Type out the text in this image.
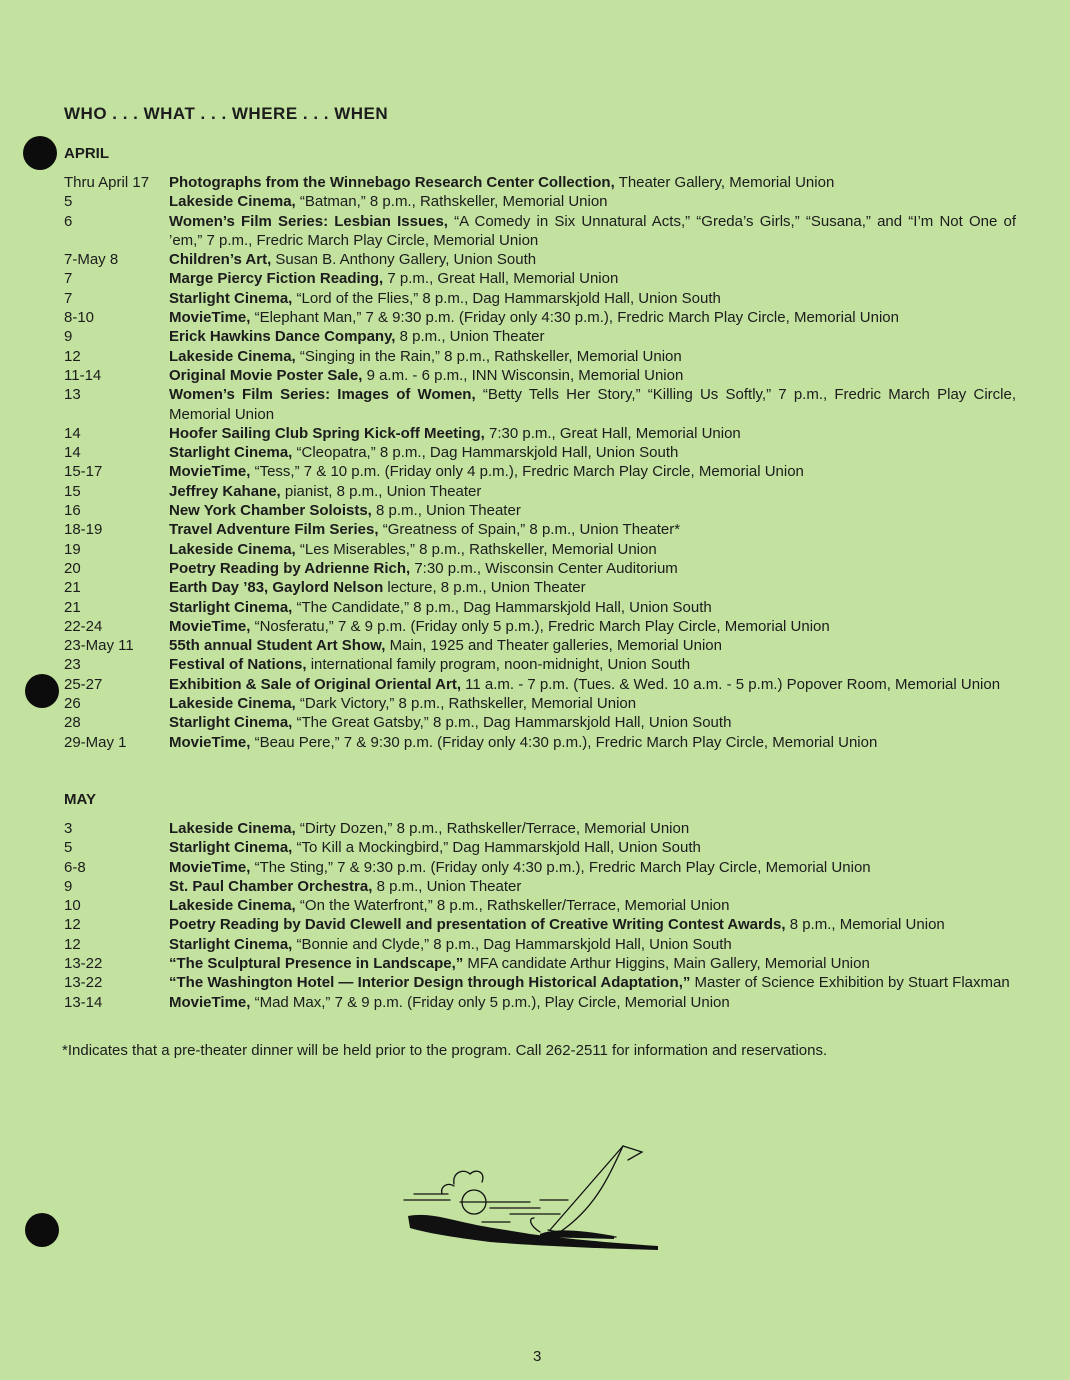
WHO . . . WHAT . . . WHERE . . . WHEN
APRIL
Thru April 17	Photographs from the Winnebago Research Center Collection, Theater Gallery, Memorial Union
5	Lakeside Cinema, “Batman,” 8 p.m., Rathskeller, Memorial Union
6	Women’s Film Series: Lesbian Issues, “A Comedy in Six Unnatural Acts,” “Greda’s Girls,” “Susana,” and “I’m Not One of ’em,” 7 p.m., Fredric March Play Circle, Memorial Union
7-May 8	Children’s Art, Susan B. Anthony Gallery, Union South
7	Marge Piercy Fiction Reading, 7 p.m., Great Hall, Memorial Union
7	Starlight Cinema, “Lord of the Flies,” 8 p.m., Dag Hammarskjold Hall, Union South
8-10	MovieTime, “Elephant Man,” 7 & 9:30 p.m. (Friday only 4:30 p.m.), Fredric March Play Circle, Memorial Union
9	Erick Hawkins Dance Company, 8 p.m., Union Theater
12	Lakeside Cinema, “Singing in the Rain,” 8 p.m., Rathskeller, Memorial Union
11-14	Original Movie Poster Sale, 9 a.m. - 6 p.m., INN Wisconsin, Memorial Union
13	Women’s Film Series: Images of Women, “Betty Tells Her Story,” “Killing Us Softly,” 7 p.m., Fredric March Play Circle, Memorial Union
14	Hoofer Sailing Club Spring Kick-off Meeting, 7:30 p.m., Great Hall, Memorial Union
14	Starlight Cinema, “Cleopatra,” 8 p.m., Dag Hammarskjold Hall, Union South
15-17	MovieTime, “Tess,” 7 & 10 p.m. (Friday only 4 p.m.), Fredric March Play Circle, Memorial Union
15	Jeffrey Kahane, pianist, 8 p.m., Union Theater
16	New York Chamber Soloists, 8 p.m., Union Theater
18-19	Travel Adventure Film Series, “Greatness of Spain,” 8 p.m., Union Theater*
19	Lakeside Cinema, “Les Miserables,” 8 p.m., Rathskeller, Memorial Union
20	Poetry Reading by Adrienne Rich, 7:30 p.m., Wisconsin Center Auditorium
21	Earth Day ’83, Gaylord Nelson lecture, 8 p.m., Union Theater
21	Starlight Cinema, “The Candidate,” 8 p.m., Dag Hammarskjold Hall, Union South
22-24	MovieTime, “Nosferatu,” 7 & 9 p.m. (Friday only 5 p.m.), Fredric March Play Circle, Memorial Union
23-May 11	55th annual Student Art Show, Main, 1925 and Theater galleries, Memorial Union
23	Festival of Nations, international family program, noon-midnight, Union South
25-27	Exhibition & Sale of Original Oriental Art, 11 a.m. - 7 p.m. (Tues. & Wed. 10 a.m. - 5 p.m.) Popover Room, Memorial Union
26	Lakeside Cinema, “Dark Victory,” 8 p.m., Rathskeller, Memorial Union
28	Starlight Cinema, “The Great Gatsby,” 8 p.m., Dag Hammarskjold Hall, Union South
29-May 1	MovieTime, “Beau Pere,” 7 & 9:30 p.m. (Friday only 4:30 p.m.), Fredric March Play Circle, Memorial Union
MAY
3	Lakeside Cinema, “Dirty Dozen,” 8 p.m., Rathskeller/Terrace, Memorial Union
5	Starlight Cinema, “To Kill a Mockingbird,” Dag Hammarskjold Hall, Union South
6-8	MovieTime, “The Sting,” 7 & 9:30 p.m. (Friday only 4:30 p.m.), Fredric March Play Circle, Memorial Union
9	St. Paul Chamber Orchestra, 8 p.m., Union Theater
10	Lakeside Cinema, “On the Waterfront,” 8 p.m., Rathskeller/Terrace, Memorial Union
12	Poetry Reading by David Clewell and presentation of Creative Writing Contest Awards, 8 p.m., Memorial Union
12	Starlight Cinema, “Bonnie and Clyde,” 8 p.m., Dag Hammarskjold Hall, Union South
13-22	“The Sculptural Presence in Landscape,” MFA candidate Arthur Higgins, Main Gallery, Memorial Union
13-22	“The Washington Hotel — Interior Design through Historical Adaptation,” Master of Science Exhibition by Stuart Flaxman
13-14	MovieTime, “Mad Max,” 7 & 9 p.m. (Friday only 5 p.m.), Play Circle, Memorial Union
*Indicates that a pre-theater dinner will be held prior to the program. Call 262-2511 for information and reservations.
3
